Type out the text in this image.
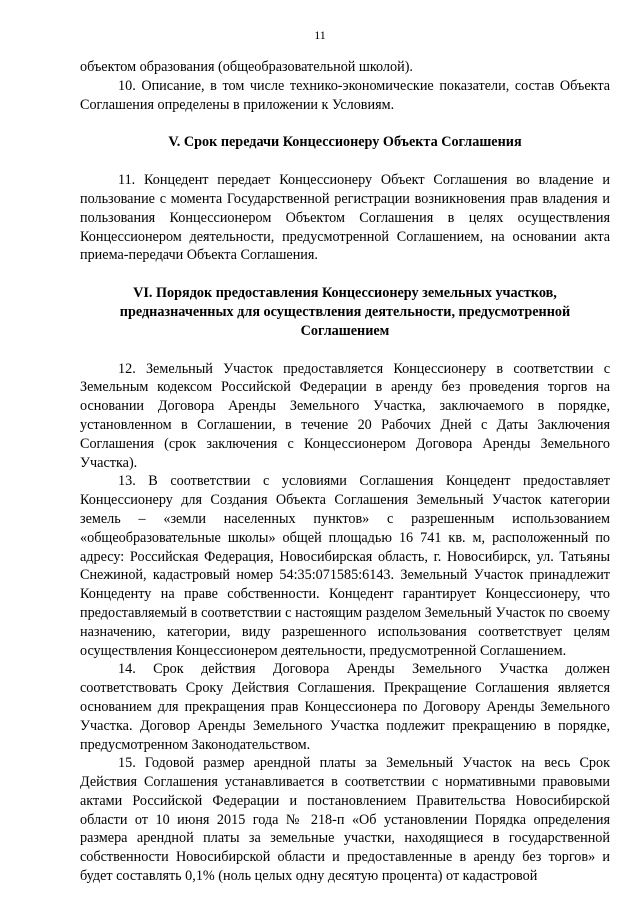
11

объектом образования (общеобразовательной школой).

10. Описание, в том числе технико-экономические показатели, состав Объекта Соглашения определены в приложении к Условиям.

V. Срок передачи Концессионеру Объекта Соглашения

11. Концедент передает Концессионеру Объект Соглашения во владение и пользование с момента Государственной регистрации возникновения прав владения и пользования Концессионером Объектом Соглашения в целях осуществления Концессионером деятельности, предусмотренной Соглашением, на основании акта приема-передачи Объекта Соглашения.

VI. Порядок предоставления Концессионеру земельных участков, предназначенных для осуществления деятельности, предусмотренной Соглашением

12. Земельный Участок предоставляется Концессионеру в соответствии с Земельным кодексом Российской Федерации в аренду без проведения торгов на основании Договора Аренды Земельного Участка, заключаемого в порядке, установленном в Соглашении, в течение 20 Рабочих Дней с Даты Заключения Соглашения (срок заключения с Концессионером Договора Аренды Земельного Участка).

13. В соответствии с условиями Соглашения Концедент предоставляет Концессионеру для Создания Объекта Соглашения Земельный Участок категории земель – «земли населенных пунктов» с разрешенным использованием «общеобразовательные школы» общей площадью 16 741 кв. м, расположенный по адресу: Российская Федерация, Новосибирская область, г. Новосибирск, ул. Татьяны Снежиной, кадастровый номер 54:35:071585:6143. Земельный Участок принадлежит Концеденту на праве собственности. Концедент гарантирует Концессионеру, что предоставляемый в соответствии с настоящим разделом Земельный Участок по своему назначению, категории, виду разрешенного использования соответствует целям осуществления Концессионером деятельности, предусмотренной Соглашением.

14. Срок действия Договора Аренды Земельного Участка должен соответствовать Сроку Действия Соглашения. Прекращение Соглашения является основанием для прекращения прав Концессионера по Договору Аренды Земельного Участка. Договор Аренды Земельного Участка подлежит прекращению в порядке, предусмотренном Законодательством.

15. Годовой размер арендной платы за Земельный Участок на весь Срок Действия Соглашения устанавливается в соответствии с нормативными правовыми актами Российской Федерации и постановлением Правительства Новосибирской области от 10 июня 2015 года № 218-п «Об установлении Порядка определения размера арендной платы за земельные участки, находящиеся в государственной собственности Новосибирской области и предоставленные в аренду без торгов» и будет составлять 0,1% (ноль целых одну десятую процента) от кадастровой
